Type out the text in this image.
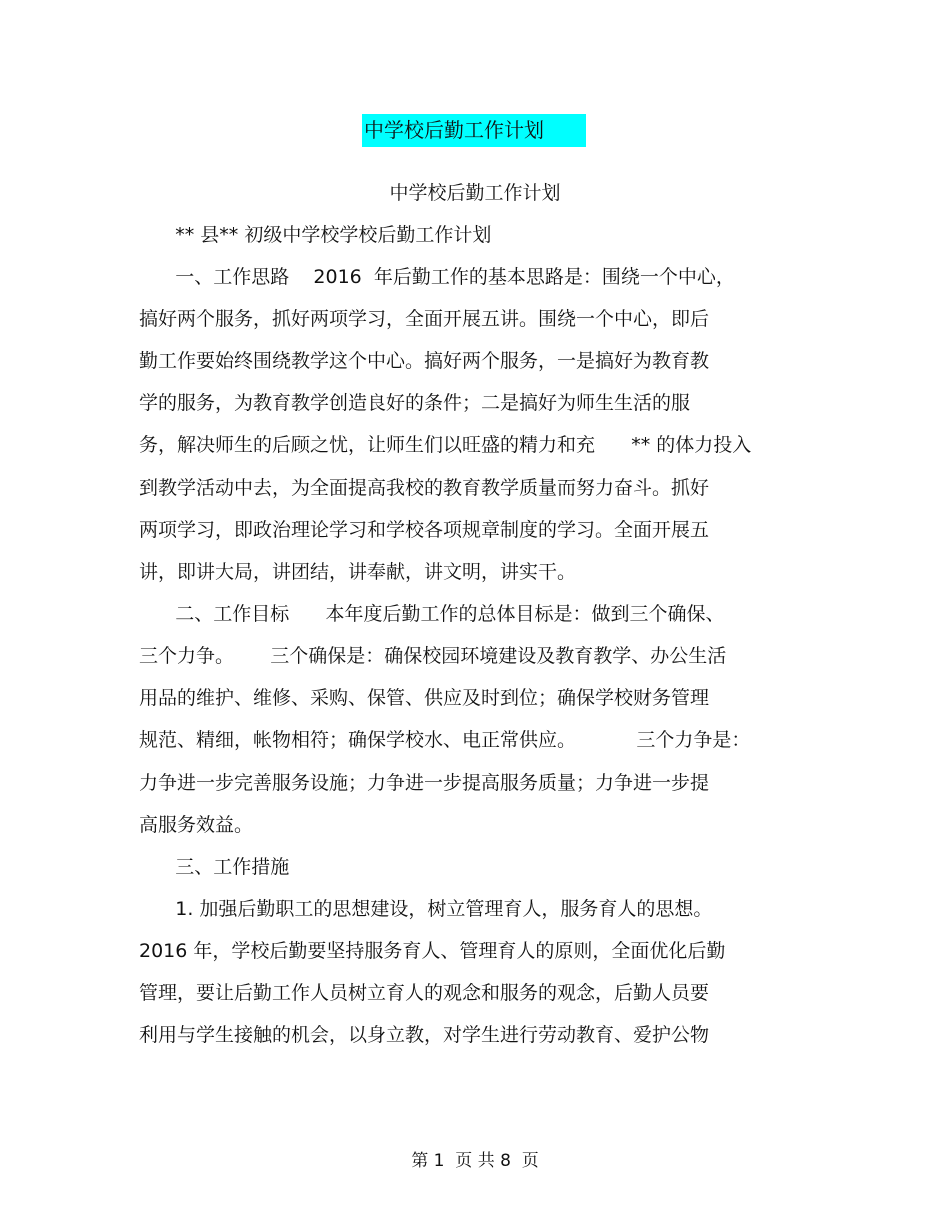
中学校后勤工作计划
中学校后勤工作计划
** 县** 初级中学校学校后勤工作计划
一、工作思路    2016  年后勤工作的基本思路是：围绕一个中心，
搞好两个服务，抓好两项学习，全面开展五讲。围绕一个中心，即后
勤工作要始终围绕教学这个中心。搞好两个服务，一是搞好为教育教
学的服务，为教育教学创造良好的条件；二是搞好为师生生活的服
务，解决师生的后顾之忧，让师生们以旺盛的精力和充      ** 的体力投入
到教学活动中去，为全面提高我校的教育教学质量而努力奋斗。抓好
两项学习，即政治理论学习和学校各项规章制度的学习。全面开展五
讲，即讲大局，讲团结，讲奉献，讲文明，讲实干。
二、工作目标      本年度后勤工作的总体目标是：做到三个确保、
三个力争。      三个确保是：确保校园环境建设及教育教学、办公生活
用品的维护、维修、采购、保管、供应及时到位；确保学校财务管理
规范、精细，帐物相符；确保学校水、电正常供应。          三个力争是：
力争进一步完善服务设施；力争进一步提高服务质量；力争进一步提
高服务效益。
三、工作措施
1. 加强后勤职工的思想建设，树立管理育人，服务育人的思想。
2016 年，学校后勤要坚持服务育人、管理育人的原则，全面优化后勤
管理，要让后勤工作人员树立育人的观念和服务的观念，后勤人员要
利用与学生接触的机会，以身立教，对学生进行劳动教育、爱护公物
第 1  页 共 8  页
